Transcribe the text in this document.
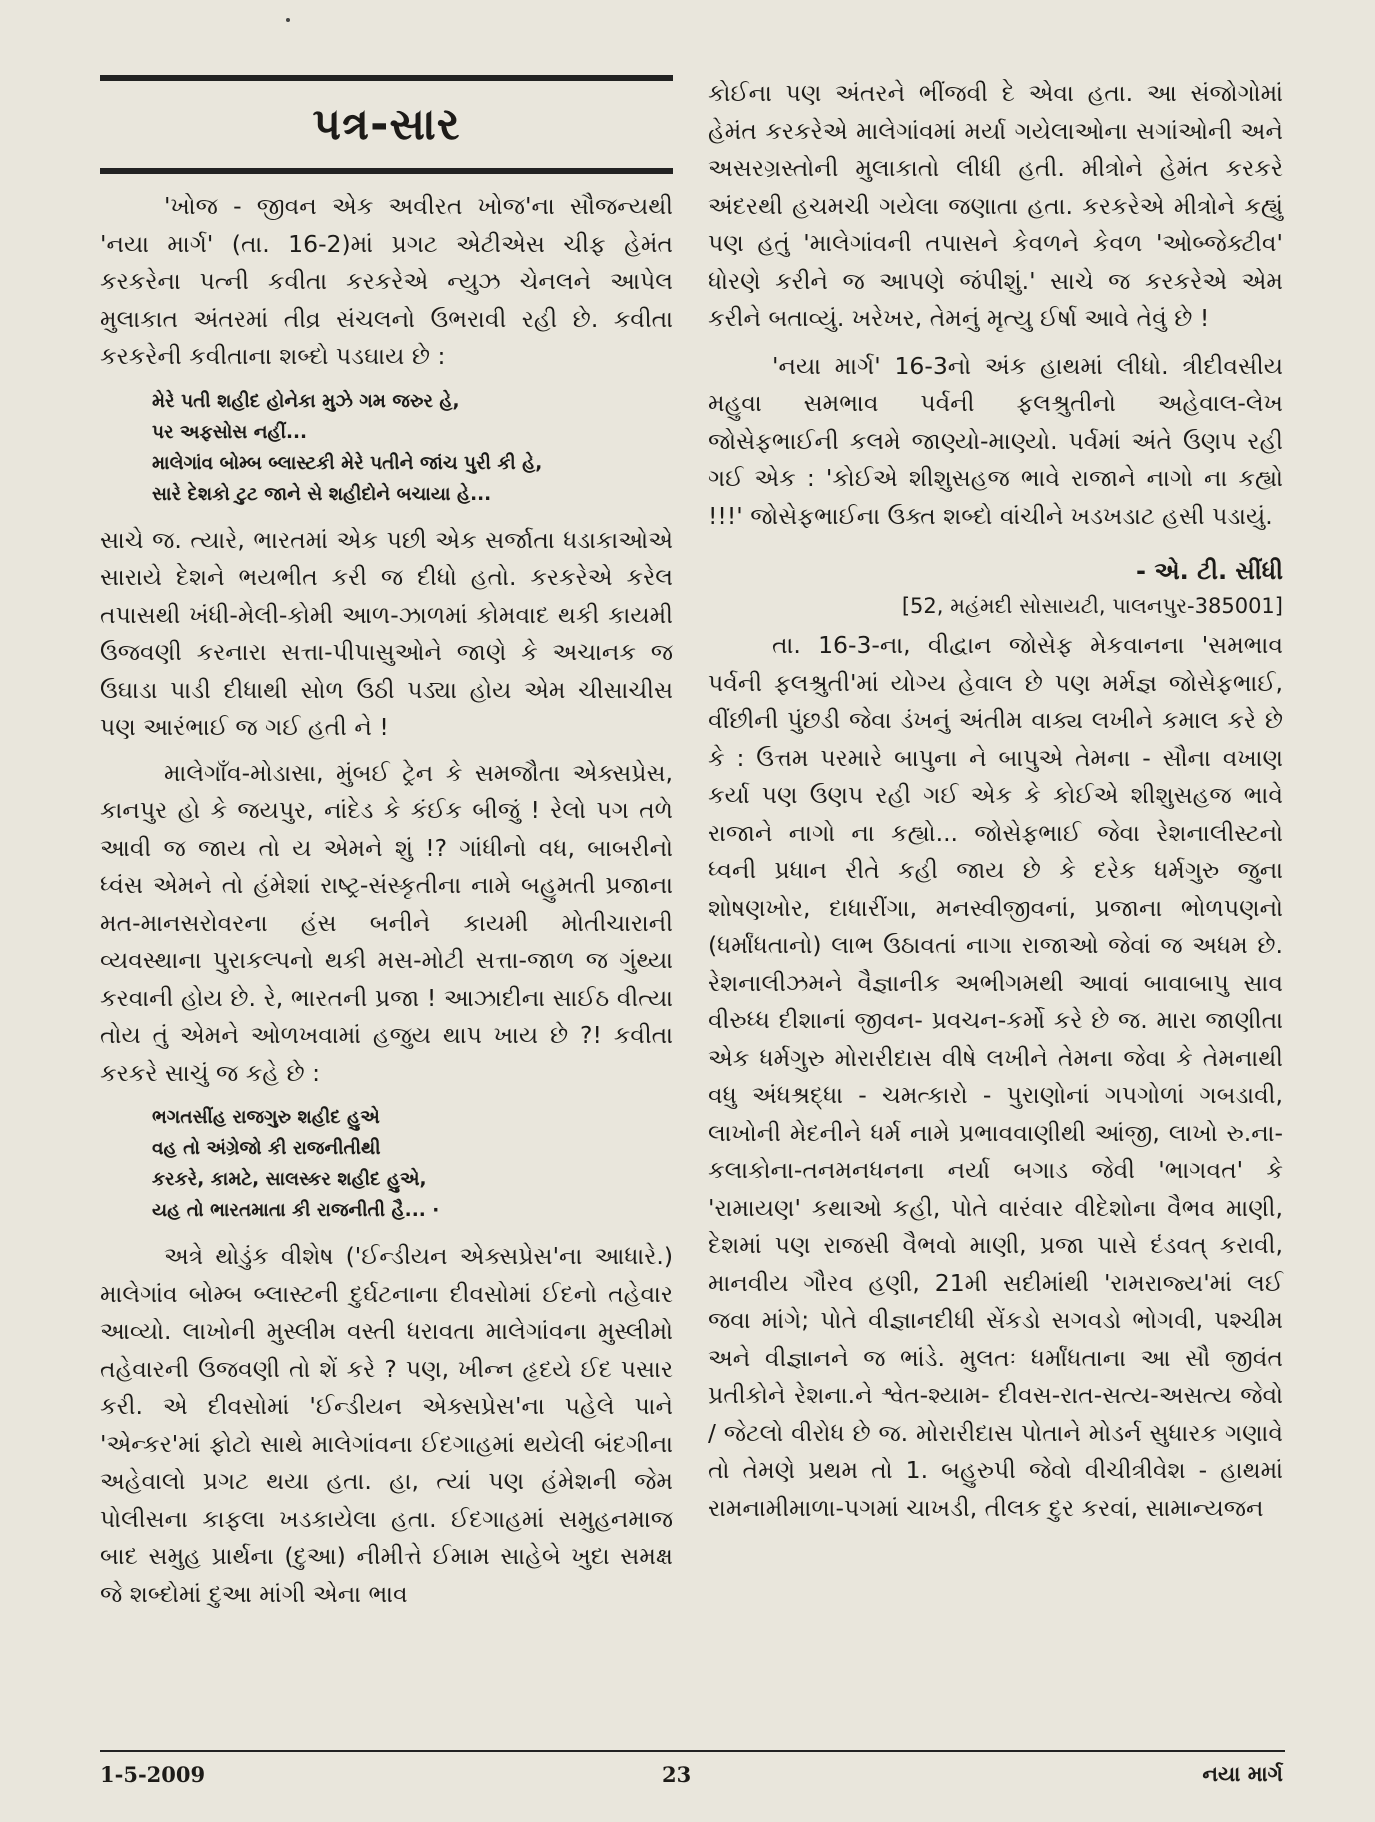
પત્ર-સાર

'ખોજ - જીવન એક અવીરત ખોજ'ના સૌજન્યથી 'નયા માર્ગ' (તા. 16-2)માં પ્રગટ એટીએસ ચીફ હેમંત કરકરેના પત્ની કવીતા કરકરેએ ન્યુઝ ચેનલને આપેલ મુલાકાત અંતરમાં તીવ્ર સંચલનો ઉભરાવી રહી છે. કવીતા કરકરેની કવીતાના શબ્દો પડઘાય છે :

મેરે પતી શહીદ હોનેકા મુઝે ગમ જરુર હે,
પર અફસોસ નહીં...
માલેગાંવ બોમ્બ બ્લાસ્ટકી મેરે પતીને જાંચ પુરી કી હે,
સારે દેશકો ટુટ જાને સે શહીદોને બચાયા હે...

સાચે જ. ત્યારે, ભારતમાં એક પછી એક સર્જાતા ધડાકાઓએ સારાયે દેશને ભયભીત કરી જ દીધો હતો. કરકરેએ કરેલ તપાસથી ખંધી-મેલી-કોમી આળ-ઝાળમાં કોમવાદ થકી કાયમી ઉજવણી કરનારા સત્તા-પીપાસુઓને જાણે કે અચાનક જ ઉઘાડા પાડી દીધાથી સોળ ઉઠી પડ્યા હોય એમ ચીસાચીસ પણ આરંભાઈ જ ગઈ હતી ને !

માલેગાઁવ-મોડાસા, મુંબઈ ટ્રેન કે સમજૌતા એક્સપ્રેસ, કાનપુર હો કે જયપુર, નાંદેડ કે કંઈક બીજું ! રેલો પગ તળે આવી જ જાય તો ય એમને શું !? ગાંધીનો વધ, બાબરીનો ધ્વંસ એમને તો હંમેશાં રાષ્ટ્ર-સંસ્કૃતીના નામે બહુમતી પ્રજાના મત-માનસરોવરના હંસ બનીને કાયમી મોતીચારાની વ્યવસ્થાના પુરાકલ્પનો થકી મસ-મોટી સત્તા-જાળ જ ગુંથ્યા કરવાની હોય છે. રે, ભારતની પ્રજા ! આઝાદીના સાઈઠ વીત્યા તોય તું એમને ઓળખવામાં હજુય થાપ ખાય છે ?! કવીતા કરકરે સાચું જ કહે છે :

ભગતસીંહ રાજગુરુ શહીદ હુએ
વહ તો અંગ્રેજો કી રાજનીતીથી
કરકરે, કામટે, સાલસ્કર શહીદ હુએ,
યહ તો ભારતમાતા કી રાજનીતી હૈ... ·

અત્રે થોડુંક વીશેષ ('ઈન્ડીયન એક્સપ્રેસ'ના આધારે.) માલેગાંવ બોમ્બ બ્લાસ્ટની દુર્ઘટનાના દીવસોમાં ઈદનો તહેવાર આવ્યો. લાખોની મુસ્લીમ વસ્તી ધરાવતા માલેગાંવના મુસ્લીમો તહેવારની ઉજવણી તો શેં કરે ? પણ, ખીન્ન હૃદયે ઈદ પસાર કરી. એ દીવસોમાં 'ઈન્ડીયન એક્સપ્રેસ'ના પહેલે પાને 'એન્કર'માં ફોટો સાથે માલેગાંવના ઈદગાહમાં થયેલી બંદગીના અહેવાલો પ્રગટ થયા હતા. હા, ત્યાં પણ હંમેશની જેમ પોલીસના કાફલા ખડકાયેલા હતા. ઈદગાહમાં સમુહનમાજ બાદ સમુહ પ્રાર્થના (દુઆ) નીમીત્તે ઈમામ સાહેબે ખુદા સમક્ષ જે શબ્દોમાં દુઆ માંગી એના ભાવ

કોઈના પણ અંતરને ભીંજવી દે એવા હતા. આ સંજોગોમાં હેમંત કરકરેએ માલેગાંવમાં મર્યા ગયેલાઓના સગાંઓની અને અસરગ્રસ્તોની મુલાકાતો લીધી હતી. મીત્રોને હેમંત કરકરે અંદરથી હચમચી ગયેલા જણાતા હતા. કરકરેએ મીત્રોને કહ્યું પણ હતું 'માલેગાંવની તપાસને કેવળને કેવળ 'ઓબ્જેક્ટીવ' ધોરણે કરીને જ આપણે જંપીશું.' સાચે જ કરકરેએ એમ કરીને બતાવ્યું. ખરેખર, તેમનું મૃત્યુ ઈર્ષા આવે તેવું છે !

'નયા માર્ગ' 16-3નો અંક હાથમાં લીધો. ત્રીદીવસીય મહુવા સમભાવ પર્વની ફલશ્રુતીનો અહેવાલ-લેખ જોસેફભાઈની કલમે જાણ્યો-માણ્યો. પર્વમાં અંતે ઉણપ રહી ગઈ એક : 'કોઈએ શીશુસહજ ભાવે રાજાને નાગો ના કહ્યો !!!' જોસેફભાઈના ઉક્ત શબ્દો વાંચીને ખડખડાટ હસી પડાયું.

- એ. ટી. સીંધી
[52, મહંમદી સોસાયટી, પાલનપુર-385001]

તા. 16-3-ના, વીદ્વાન જોસેફ મેકવાનના 'સમભાવ પર્વની ફલશ્રુતી'માં યોગ્ય હેવાલ છે પણ મર્મજ્ઞ જોસેફભાઈ, વીંછીની પુંછડી જેવા ડંખનું અંતીમ વાક્ય લખીને કમાલ કરે છે કે : ઉત્તમ પરમારે બાપુના ને બાપુએ તેમના - સૌના વખાણ કર્યા પણ ઉણપ રહી ગઈ એક કે કોઈએ શીશુસહજ ભાવે રાજાને નાગો ના કહ્યો... જોસેફભાઈ જેવા રેશનાલીસ્ટનો ધ્વની પ્રધાન રીતે કહી જાય છે કે દરેક ધર્મગુરુ જુના શોષણખોર, દાધારીંગા, મનસ્વીજીવનાં, પ્રજાના ભોળપણનો (ધર્માંધતાનો) લાભ ઉઠાવતાં નાગા રાજાઓ જેવાં જ અધમ છે. રેશનાલીઝમને વૈજ્ઞાનીક અભીગમથી આવાં બાવાબાપુ સાવ વીરુધ્ધ દીશાનાં જીવન- પ્રવચન-કર્મો કરે છે જ. મારા જાણીતા એક ધર્મગુરુ મોરારીદાસ વીષે લખીને તેમના જેવા કે તેમનાથી વધુ અંધશ્રદ્ધા - ચમત્કારો - પુરાણોનાં ગપગોળાં ગબડાવી, લાખોની મેદનીને ધર્મ નામે પ્રભાવવાણીથી આંજી, લાખો રુ.ના-કલાકોના-તનમનધનના નર્યા બગાડ જેવી 'ભાગવત' કે 'રામાયણ' કથાઓ કહી, પોતે વારંવાર વીદેશોના વૈભવ માણી, દેશમાં પણ રાજસી વૈભવો માણી, પ્રજા પાસે દંડવત્ કરાવી, માનવીય ગૌરવ હણી, 21મી સદીમાંથી 'રામરાજ્ય'માં લઈ જવા માંગે; પોતે વીજ્ઞાનદીધી સેંકડો સગવડો ભોગવી, પશ્ચીમ અને વીજ્ઞાનને જ ભાંડે. મુલતઃ ધર્માંધતાના આ સૌ જીવંત પ્રતીકોને રેશના.ને શ્વેત-શ્યામ- દીવસ-રાત-સત્ય-અસત્ય જેવો / જેટલો વીરોધ છે જ. મોરારીદાસ પોતાને મોડર્ન સુધારક ગણાવે તો તેમણે પ્રથમ તો 1. બહુરુપી જેવો વીચીત્રીવેશ - હાથમાં રામનામીમાળા-પગમાં ચાખડી, તીલક દુર કરવાં, સામાન્યજન

1-5-2009	23	નયા માર્ગ
